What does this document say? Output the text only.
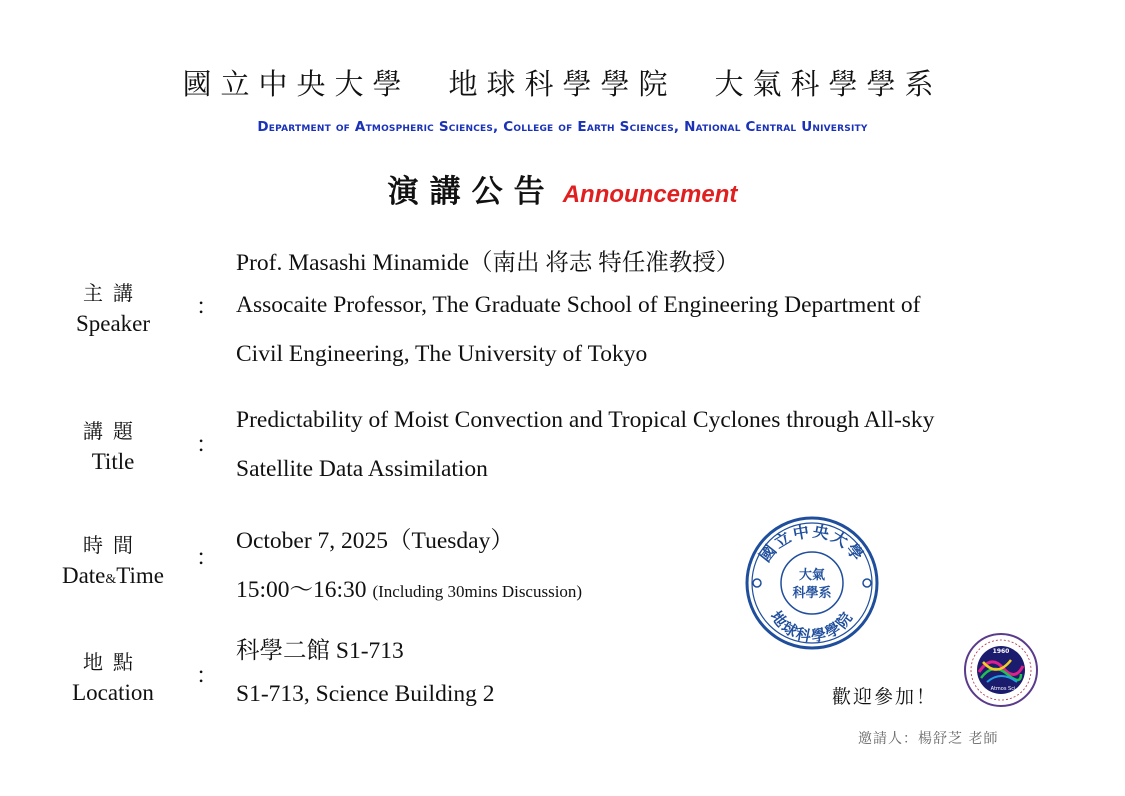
國立中央大學　地球科學學院　大氣科學學系
Department of Atmospheric Sciences, College of Earth Sciences, National Central University
演講公告 Announcement
主講
Speaker
：
Prof. Masashi Minamide（南出 将志 特任准教授）
Assocaite Professor, The Graduate School of Engineering Department of
Civil Engineering, The University of Tokyo
講題
Title
：
Predictability of Moist Convection and Tropical Cyclones through All-sky
Satellite Data Assimilation
時間
Date&Time
：
October 7, 2025（Tuesday）
15:00～16:30 (Including 30mins Discussion)
地點
Location
：
科學二館 S1-713
S1-713, Science Building 2
國立中央大學
地球科學學院
大氣
科學系
1960
Atmos Sci
歡迎參加！
邀請人：楊舒芝 老師
